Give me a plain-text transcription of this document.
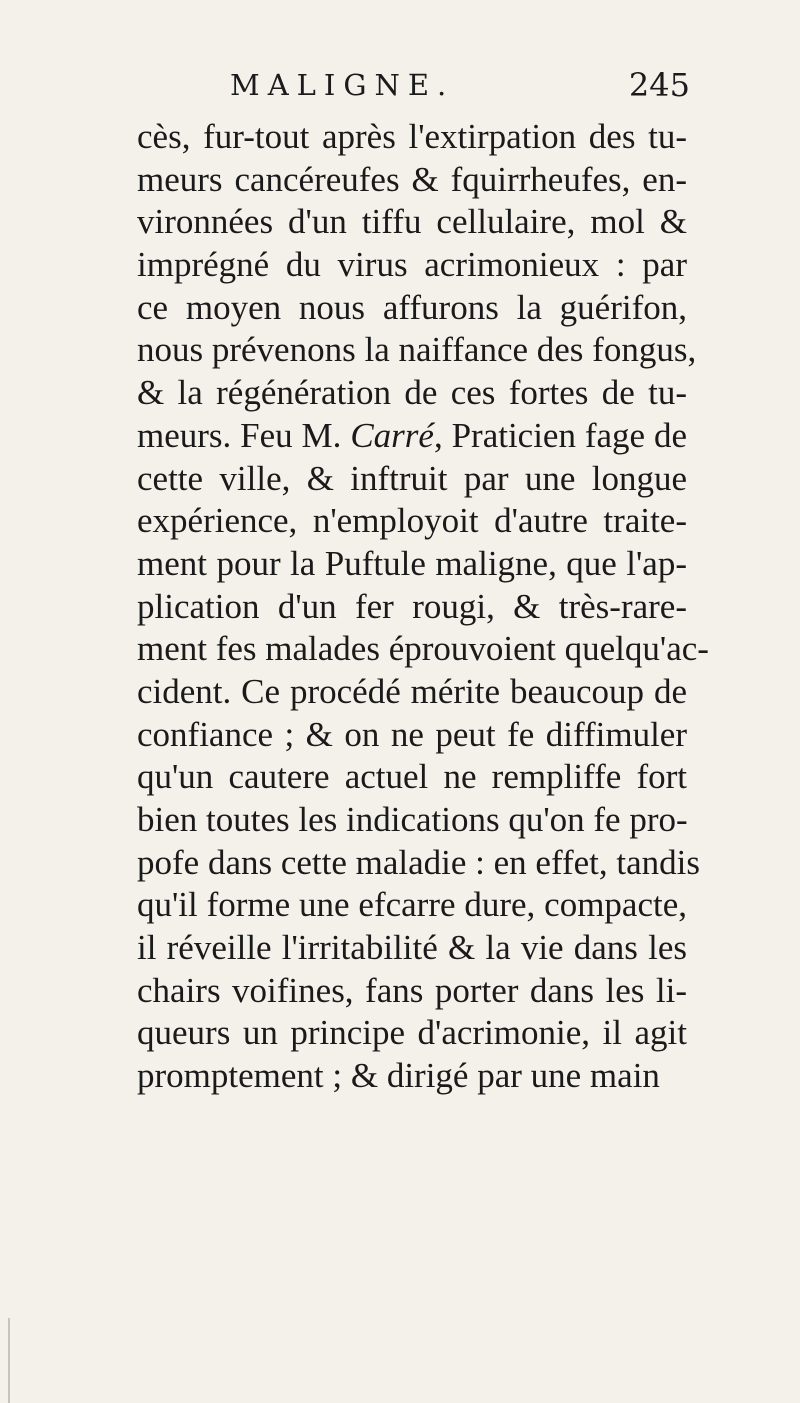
MALIGNE.	245
cès, fur-tout après l'extirpation des tu-
meurs cancéreufes & fquirrheufes, en-
vironnées d'un tiffu cellulaire, mol &
imprégné du virus acrimonieux : par
ce moyen nous affurons la guérifon,
nous prévenons la naiffance des fongus,
& la régénération de ces fortes de tu-
meurs. Feu M. Carré, Praticien fage de
cette ville, & inftruit par une longue
expérience, n'employoit d'autre traite-
ment pour la Puftule maligne, que l'ap-
plication d'un fer rougi, & très-rare-
ment fes malades éprouvoient quelqu'ac-
cident. Ce procédé mérite beaucoup de
confiance ; & on ne peut fe diffimuler
qu'un cautere actuel ne rempliffe fort
bien toutes les indications qu'on fe pro-
pofe dans cette maladie : en effet, tandis
qu'il forme une efcarre dure, compacte,
il réveille l'irritabilité & la vie dans les
chairs voifines, fans porter dans les li-
queurs un principe d'acrimonie, il agit
promptement ; & dirigé par une main
